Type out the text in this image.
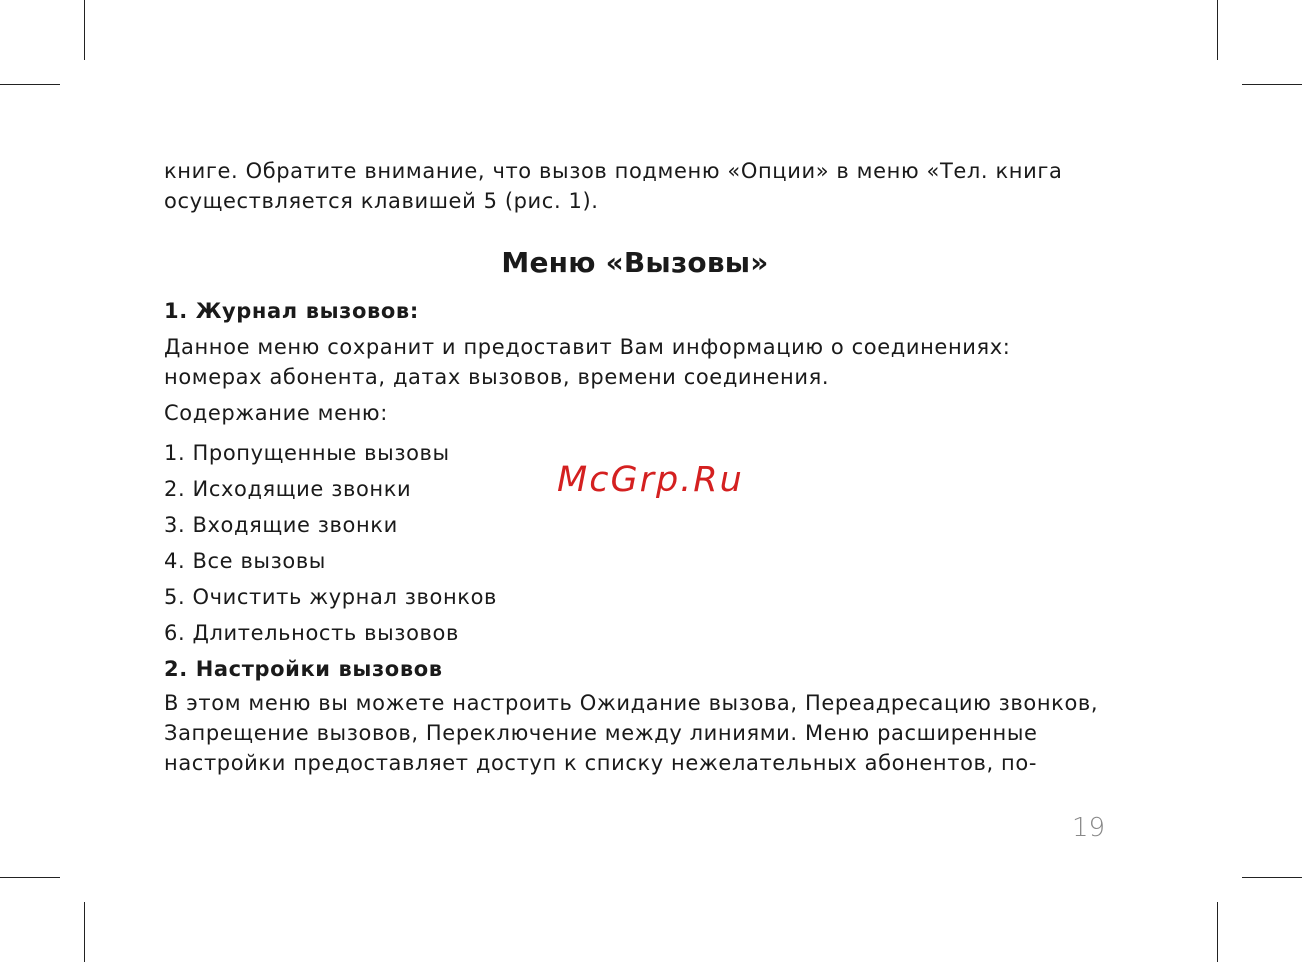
книге. Обратите внимание, что вызов подменю «Опции» в меню «Тел. книга осуществляется клавишей 5 (рис. 1).

Меню «Вызовы»

1. Журнал вызовов:

Данное меню сохранит и предоставит Вам информацию о соединениях: номерах абонента, датах вызовов, времени соединения.

Содержание меню:

1. Пропущенные вызовы
2. Исходящие звонки
3. Входящие звонки
4. Все вызовы
5. Очистить журнал звонков
6. Длительность вызовов

2. Настройки вызовов

В этом меню вы можете настроить Ожидание вызова, Переадресацию звонков, Запрещение вызовов, Переключение между линиями. Меню расширенные настройки предоставляет доступ к списку нежелательных абонентов, по-

McGrp.Ru
19
